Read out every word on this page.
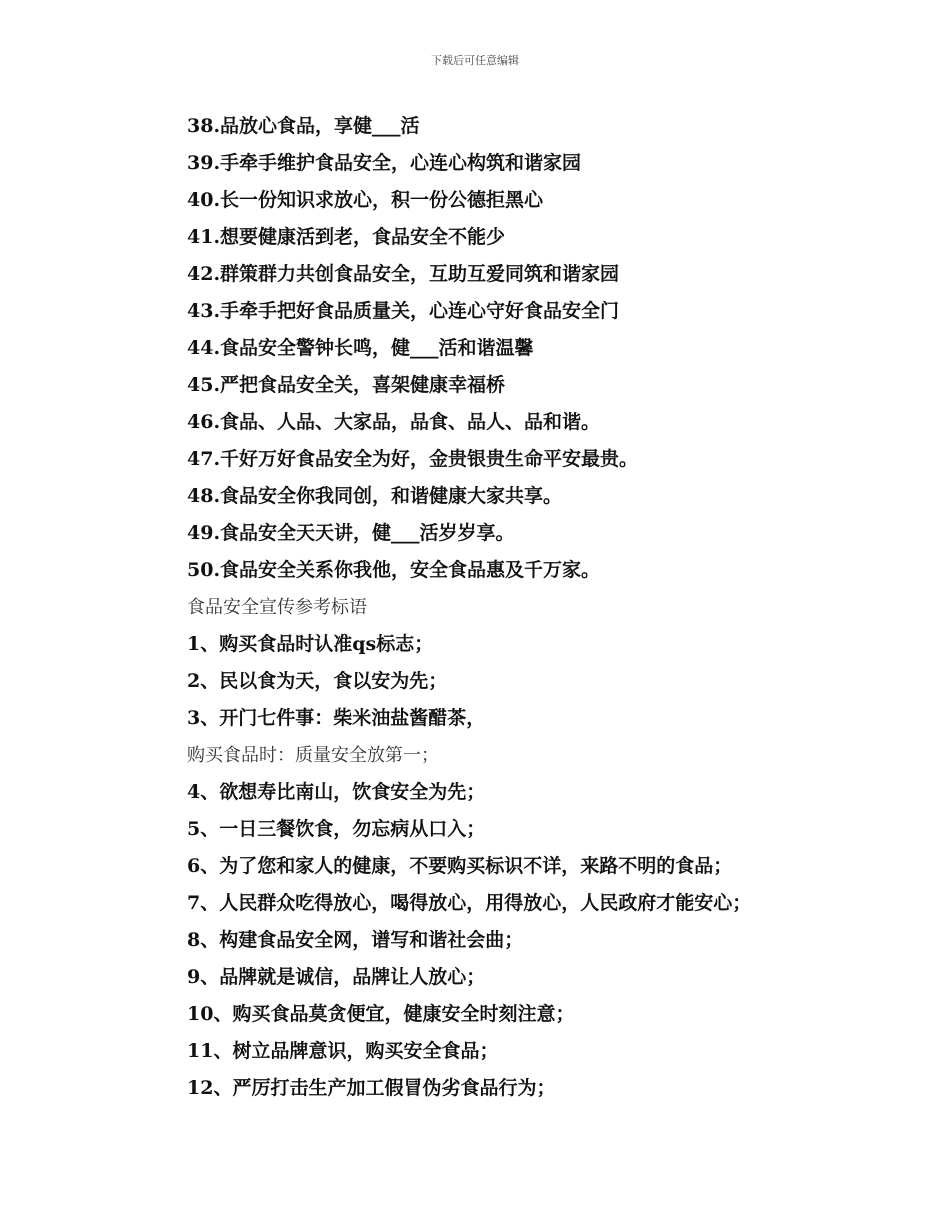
下载后可任意编辑
38.品放心食品，享健___活
39.手牵手维护食品安全，心连心构筑和谐家园
40.长一份知识求放心，积一份公德拒黑心
41.想要健康活到老，食品安全不能少
42.群策群力共创食品安全，互助互爱同筑和谐家园
43.手牵手把好食品质量关，心连心守好食品安全门
44.食品安全警钟长鸣，健___活和谐温馨
45.严把食品安全关，喜架健康幸福桥
46.食品、人品、大家品，品食、品人、品和谐。
47.千好万好食品安全为好，金贵银贵生命平安最贵。
48.食品安全你我同创，和谐健康大家共享。
49.食品安全天天讲，健___活岁岁享。
50.食品安全关系你我他，安全食品惠及千万家。
食品安全宣传参考标语
1、购买食品时认准qs标志；
2、民以食为天，食以安为先；
3、开门七件事：柴米油盐酱醋茶，
购买食品时：质量安全放第一；
4、欲想寿比南山，饮食安全为先；
5、一日三餐饮食，勿忘病从口入；
6、为了您和家人的健康，不要购买标识不详，来路不明的食品；
7、人民群众吃得放心，喝得放心，用得放心，人民政府才能安心；
8、构建食品安全网，谱写和谐社会曲；
9、品牌就是诚信，品牌让人放心；
10、购买食品莫贪便宜，健康安全时刻注意；
11、树立品牌意识，购买安全食品；
12、严厉打击生产加工假冒伪劣食品行为；
